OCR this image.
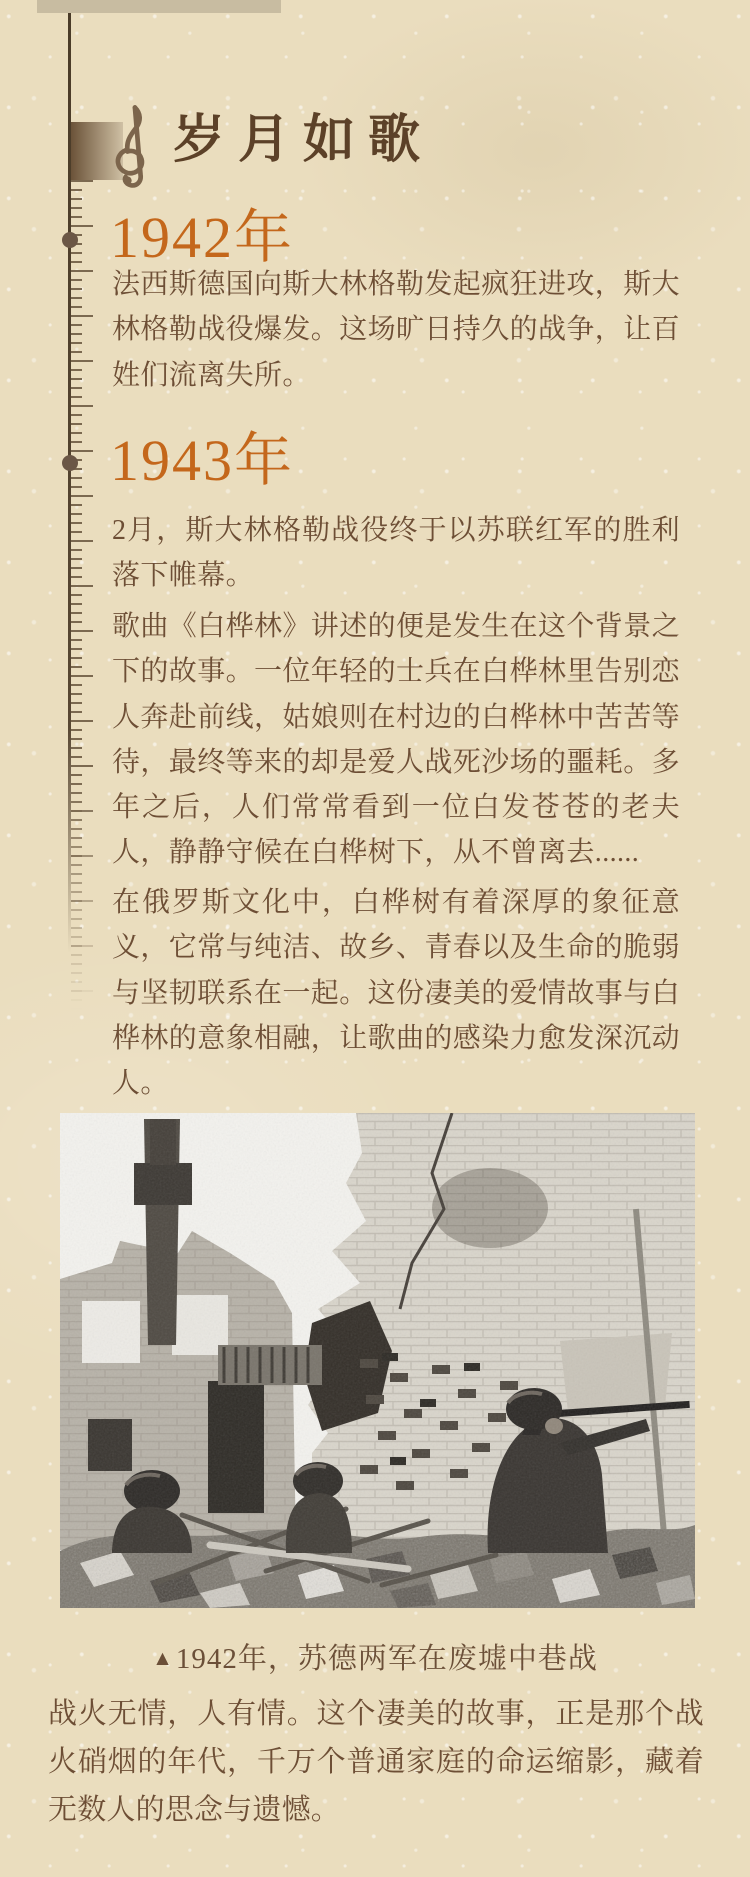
岁月如歌
1942年

法西斯德国向斯大林格勒发起疯狂进攻，斯大林格勒战役爆发。这场旷日持久的战争，让百姓们流离失所。

1943年

2月，斯大林格勒战役终于以苏联红军的胜利落下帷幕。

歌曲《白桦林》讲述的便是发生在这个背景之下的故事。一位年轻的士兵在白桦林里告别恋人奔赴前线，姑娘则在村边的白桦林中苦苦等待，最终等来的却是爱人战死沙场的噩耗。多年之后，人们常常看到一位白发苍苍的老夫人，静静守候在白桦树下，从不曾离去......

在俄罗斯文化中，白桦树有着深厚的象征意义，它常与纯洁、故乡、青春以及生命的脆弱与坚韧联系在一起。这份凄美的爱情故事与白桦林的意象相融，让歌曲的感染力愈发深沉动人。

▲1942年，苏德两军在废墟中巷战

战火无情，人有情。这个凄美的故事，正是那个战火硝烟的年代，千万个普通家庭的命运缩影，藏着无数人的思念与遗憾。
